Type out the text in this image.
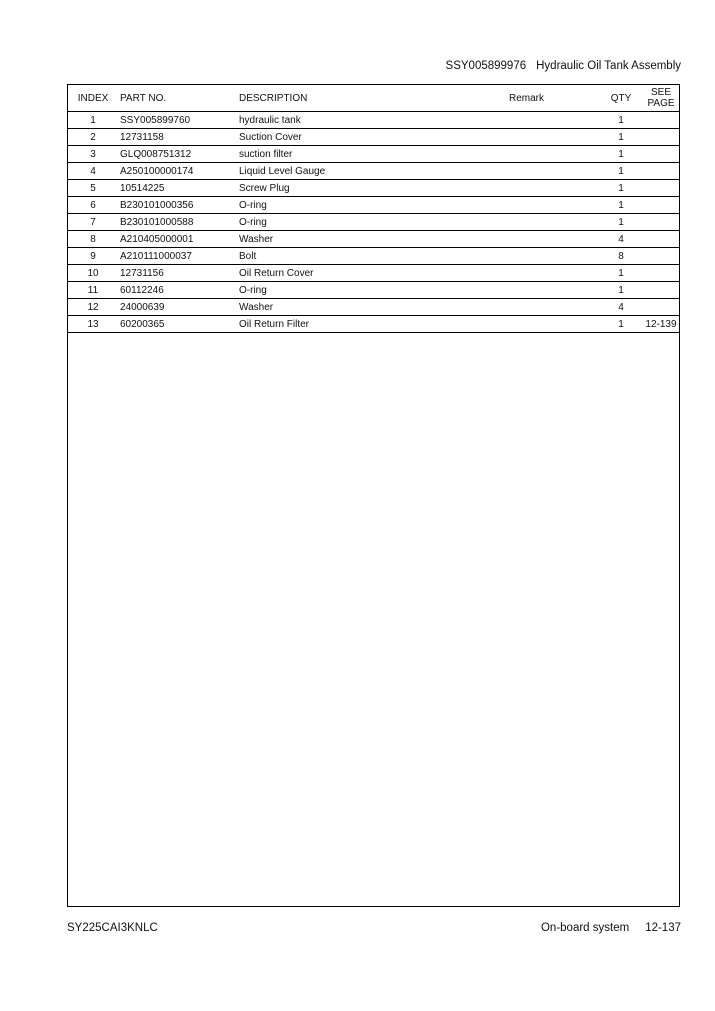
SSY005899976 Hydraulic Oil Tank Assembly
INDEX	PART NO.	DESCRIPTION	Remark	QTY	SEE
PAGE
1	SSY005899760	hydraulic tank		1	
2	12731158	Suction Cover		1	
3	GLQ008751312	suction filter		1	
4	A250100000174	Liquid Level Gauge		1	
5	10514225	Screw Plug		1	
6	B230101000356	O-ring		1	
7	B230101000588	O-ring		1	
8	A210405000001	Washer		4	
9	A210111000037	Bolt		8	
10	12731156	Oil Return Cover		1	
11	60112246	O-ring		1	
12	24000639	Washer		4	
13	60200365	Oil Return Filter		1	12-139
SY225CAI3KNLC	On-board system 12-137
